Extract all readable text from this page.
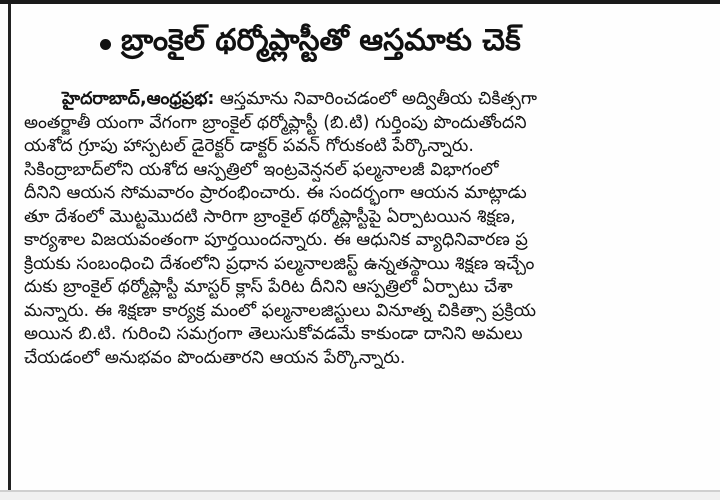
బ్రాంకైల్ థర్మోప్లాస్టీతో ఆస్తమాకు చెక్
హైదరాబాద్,ఆంధ్రప్రభ: ఆస్తమాను నివారించడంలో అద్వితీయ చికిత్సగా
అంతర్జాతీ యంగా వేగంగా బ్రాంకైల్ థర్మోప్లాస్టీ (బి.టి) గుర్తింపు పొందుతోందని
యశోద గ్రూపు హాస్పటల్ డైరెక్టర్ డాక్టర్ పవన్ గోరుకంటి పేర్కొన్నారు.
సికింద్రాబాద్‌లోని యశోద ఆస్పత్రిలో ఇంట్రవెన్షనల్ ఫల్మనాలజీ విభాగంలో
దీనిని ఆయన సోమవారం ప్రారంభించారు. ఈ సందర్భంగా ఆయన మాట్లాడు
తూ దేశంలో మొట్టమొదటి సారిగా బ్రాంకైల్ థర్మోప్లాస్టీపై ఏర్పాటయిన శిక్షణ,
కార్యశాల విజయవంతంగా పూర్తయిందన్నారు. ఈ ఆధునిక వ్యాధినివారణ ప్ర
క్రియకు సంబంధించి దేశంలోని ప్రధాన పల్మనాలజిస్ట్ ఉన్నతస్థాయి శిక్షణ ఇచ్చేం
దుకు బ్రాంకైల్ థర్మోప్లాస్టీ మాస్టర్ క్లాస్ పేరిట దీనిని ఆస్పత్రిలో ఏర్పాటు చేశా
మన్నారు. ఈ శిక్షణా కార్యక్ర మంలో ఫల్మనాలజిస్టులు వినూత్న చికిత్సా ప్రక్రియ
అయిన బి.టి. గురించి సమగ్రంగా తెలుసుకోవడమే కాకుండా దానిని అమలు
చేయడంలో అనుభవం పొందుతారని ఆయన పేర్కొన్నారు.
